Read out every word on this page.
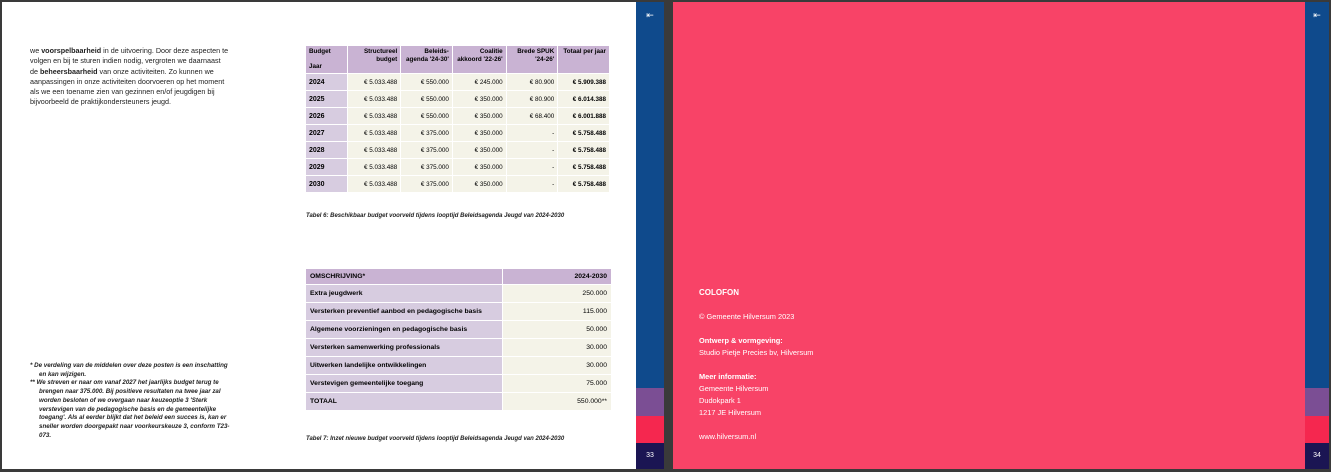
we voorspelbaarheid in de uitvoering. Door deze aspecten te volgen en bij te sturen indien nodig, vergroten we daarnaast de beheersbaarheid van onze activiteiten. Zo kunnen we aanpassingen in onze activiteiten doorvoeren op het moment als we een toename zien van gezinnen en/of jeugdigen bij bijvoorbeeld de praktijkondersteuners jeugd.
Budget
Jaar	Structureel budget	Beleids-agenda '24-30'	Coalitie akkoord '22-26'	Brede SPUK '24-26'	Totaal per jaar
2024	€ 5.033.488	€ 550.000	€ 245.000	€ 80.900	€ 5.909.388
2025	€ 5.033.488	€ 550.000	€ 350.000	€ 80.900	€ 6.014.388
2026	€ 5.033.488	€ 550.000	€ 350.000	€ 68.400	€ 6.001.888
2027	€ 5.033.488	€ 375.000	€ 350.000	-	€ 5.758.488
2028	€ 5.033.488	€ 375.000	€ 350.000	-	€ 5.758.488
2029	€ 5.033.488	€ 375.000	€ 350.000	-	€ 5.758.488
2030	€ 5.033.488	€ 375.000	€ 350.000	-	€ 5.758.488
Tabel 6: Beschikbaar budget voorveld tijdens looptijd Beleidsagenda Jeugd van 2024-2030
OMSCHRIJVING*	2024-2030
Extra jeugdwerk	250.000
Versterken preventief aanbod en pedagogische basis	115.000
Algemene voorzieningen en pedagogische basis	50.000
Versterken samenwerking professionals	30.000
Uitwerken landelijke ontwikkelingen	30.000
Verstevigen gemeentelijke toegang	75.000
TOTAAL	550.000**
Tabel 7: Inzet nieuwe budget voorveld tijdens looptijd Beleidsagenda Jeugd van 2024-2030
* De verdeling van de middelen over deze posten is een inschatting en kan wijzigen.
** We streven er naar om vanaf 2027 het jaarlijks budget terug te brengen naar 375.000. Bij positieve resultaten na twee jaar zal worden besloten of we overgaan naar keuzeoptie 3 'Sterk verstevigen van de pedagogische basis en de gemeentelijke toegang'. Als al eerder blijkt dat het beleid een succes is, kan er sneller worden doorgepakt naar voorkeurskeuze 3, conform T23-073.
33
⇤
COLOFON
© Gemeente Hilversum 2023
Ontwerp & vormgeving:
Studio Pietje Precies bv, Hilversum
Meer informatie:
Gemeente Hilversum
Dudokpark 1
1217 JE Hilversum
www.hilversum.nl
34
⇤
